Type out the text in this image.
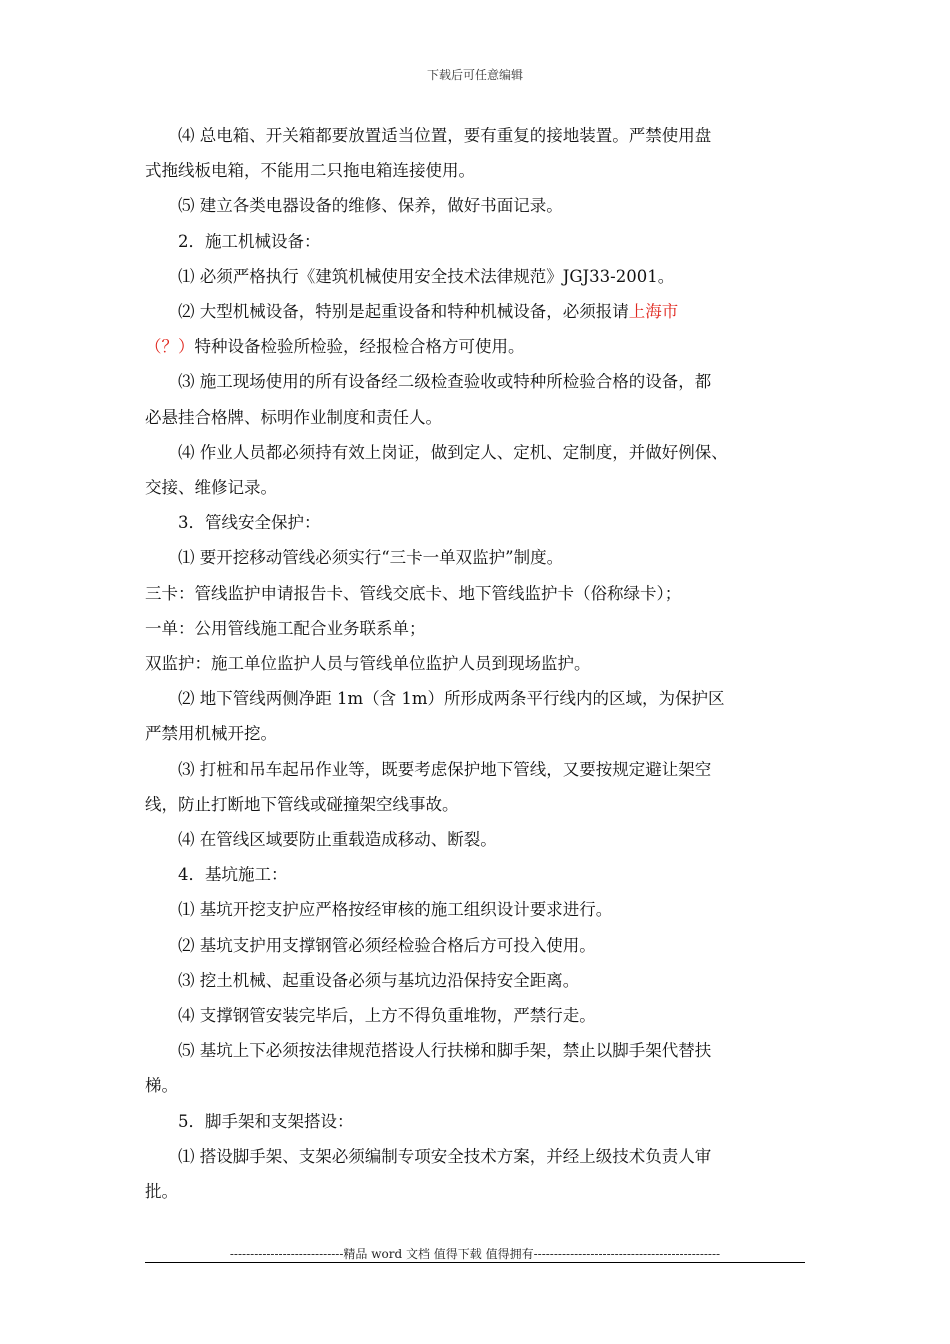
下载后可任意编辑

⑷ 总电箱、开关箱都要放置适当位置，要有重复的接地装置。严禁使用盘

式拖线板电箱，不能用二只拖电箱连接使用。

⑸ 建立各类电器设备的维修、保养，做好书面记录。

2．施工机械设备：

⑴ 必须严格执行《建筑机械使用安全技术法律规范》JGJ33-2001。

⑵ 大型机械设备，特别是起重设备和特种机械设备，必须报请上海市

（？）特种设备检验所检验，经报检合格方可使用。

⑶ 施工现场使用的所有设备经二级检查验收或特种所检验合格的设备，都

必悬挂合格牌、标明作业制度和责任人。

⑷ 作业人员都必须持有效上岗证，做到定人、定机、定制度，并做好例保、

交接、维修记录。

3．管线安全保护：

⑴ 要开挖移动管线必须实行“三卡一单双监护”制度。

三卡：管线监护申请报告卡、管线交底卡、地下管线监护卡（俗称绿卡）；

一单：公用管线施工配合业务联系单；

双监护：施工单位监护人员与管线单位监护人员到现场监护。

⑵ 地下管线两侧净距 1m（含 1m）所形成两条平行线内的区域，为保护区

严禁用机械开挖。

⑶ 打桩和吊车起吊作业等，既要考虑保护地下管线，又要按规定避让架空

线，防止打断地下管线或碰撞架空线事故。

⑷ 在管线区域要防止重载造成移动、断裂。

4．基坑施工：

⑴ 基坑开挖支护应严格按经审核的施工组织设计要求进行。

⑵ 基坑支护用支撑钢管必须经检验合格后方可投入使用。

⑶ 挖土机械、起重设备必须与基坑边沿保持安全距离。

⑷ 支撑钢管安装完毕后，上方不得负重堆物，严禁行走。

⑸ 基坑上下必须按法律规范搭设人行扶梯和脚手架，禁止以脚手架代替扶

梯。

5．脚手架和支架搭设：

⑴ 搭设脚手架、支架必须编制专项安全技术方案，并经上级技术负责人审

批。

----------------------------精品 word 文档 值得下载 值得拥有----------------------------------------------
